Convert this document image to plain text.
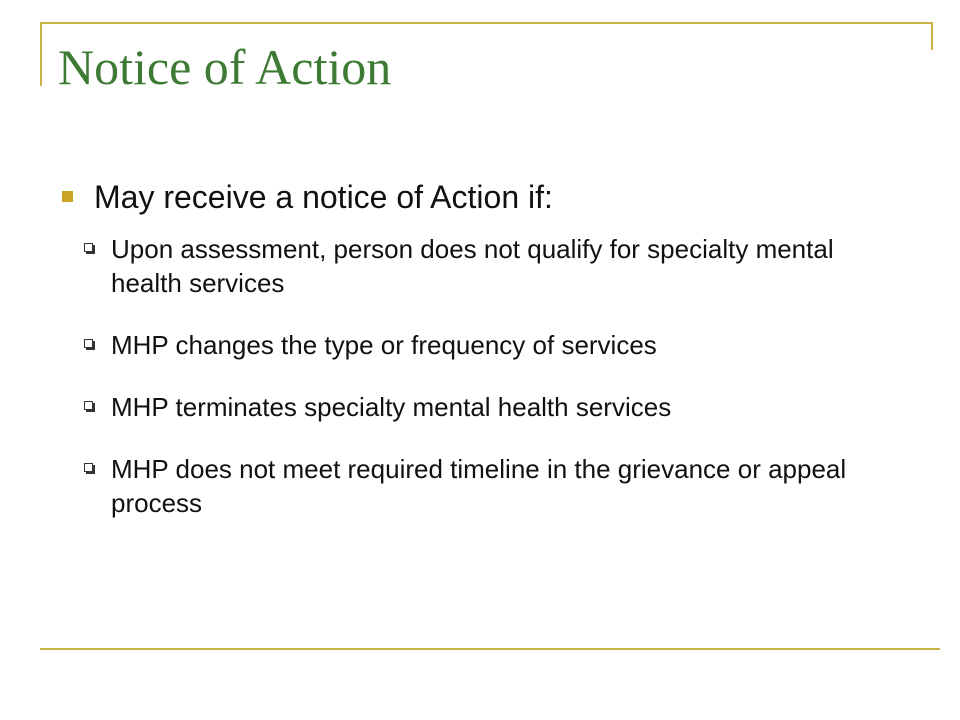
Notice of Action
May receive a notice of Action if:
Upon assessment, person does not qualify for specialty mental health services
MHP changes the type or frequency of services
MHP terminates specialty mental health services
MHP does not meet required timeline in the grievance or appeal process
